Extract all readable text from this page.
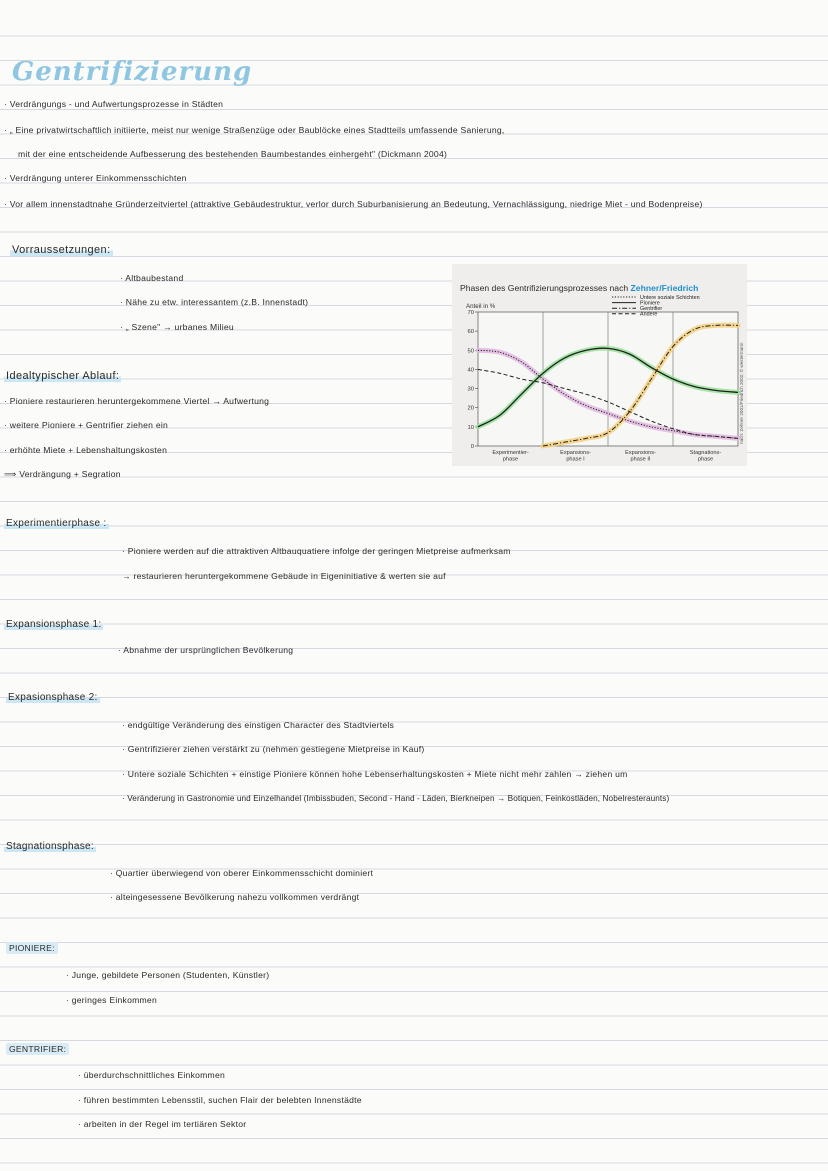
Gentrifizierung
· Verdrängungs - und Aufwertungsprozesse in Städten
· „ Eine privatwirtschaftlich initiierte, meist nur wenige Straßenzüge oder Baublöcke eines Stadtteils umfassende Sanierung,
mit der eine entscheidende Aufbesserung des bestehenden Baumbestandes einhergeht" (Dickmann 2004)
· Verdrängung unterer Einkommensschichten
· Vor allem innenstadtnahe Gründerzeitviertel (attraktive Gebäudestruktur, verlor durch Suburbanisierung an Bedeutung, Vernachlässigung, niedrige Miet - und Bodenpreise)
Vorraussetzungen:
· Altbaubestand
· Nähe zu etw. interessantem (z.B. Innenstadt)
· „ Szene" → urbanes Milieu
Idealtypischer Ablauf:
· Pioniere restaurieren heruntergekommene Viertel → Aufwertung
· weitere Pioniere + Gentrifier ziehen ein
· erhöhte Miete + Lebenshaltungskosten
⟹ Verdrängung + Segration
Phasen des Gentrifizierungsprozesses nach Zehner/Friedrich
Anteil in %
70
60
50
40
30
20
10
0
Experimentier-phase
Expansions-phase I
Expansions-phase II
Stagnations-phase
Untere soziale Schichten
Pioniere
Gentrifier
Andere
nach: Zehner 2001/Friedrich 2002; © westermann
Experimentierphase :
· Pioniere werden auf die attraktiven Altbauquatiere infolge der geringen Mietpreise aufmerksam
→ restaurieren heruntergekommene Gebäude in Eigeninitiative & werten sie auf
Expansionsphase 1:
· Abnahme der ursprünglichen Bevölkerung
Expasionsphase 2:
· endgültige Veränderung des einstigen Character des Stadtviertels
· Gentrifizierer ziehen verstärkt zu (nehmen gestiegene Mietpreise in Kauf)
· Untere soziale Schichten + einstige Pioniere können hohe Lebenserhaltungskosten + Miete nicht mehr zahlen → ziehen um
· Veränderung in Gastronomie und Einzelhandel (Imbissbuden, Second - Hand - Läden, Bierkneipen → Botiquen, Feinkostläden, Nobelresteraunts)
Stagnationsphase:
· Quartier überwiegend von oberer Einkommensschicht dominiert
· alteingesessene Bevölkerung nahezu vollkommen verdrängt
PIONIERE:
· Junge, gebildete Personen (Studenten, Künstler)
· geringes Einkommen
GENTRIFIER:
· überdurchschnittliches Einkommen
· führen bestimmten Lebensstil, suchen Flair der belebten Innenstädte
· arbeiten in der Regel im tertiären Sektor
